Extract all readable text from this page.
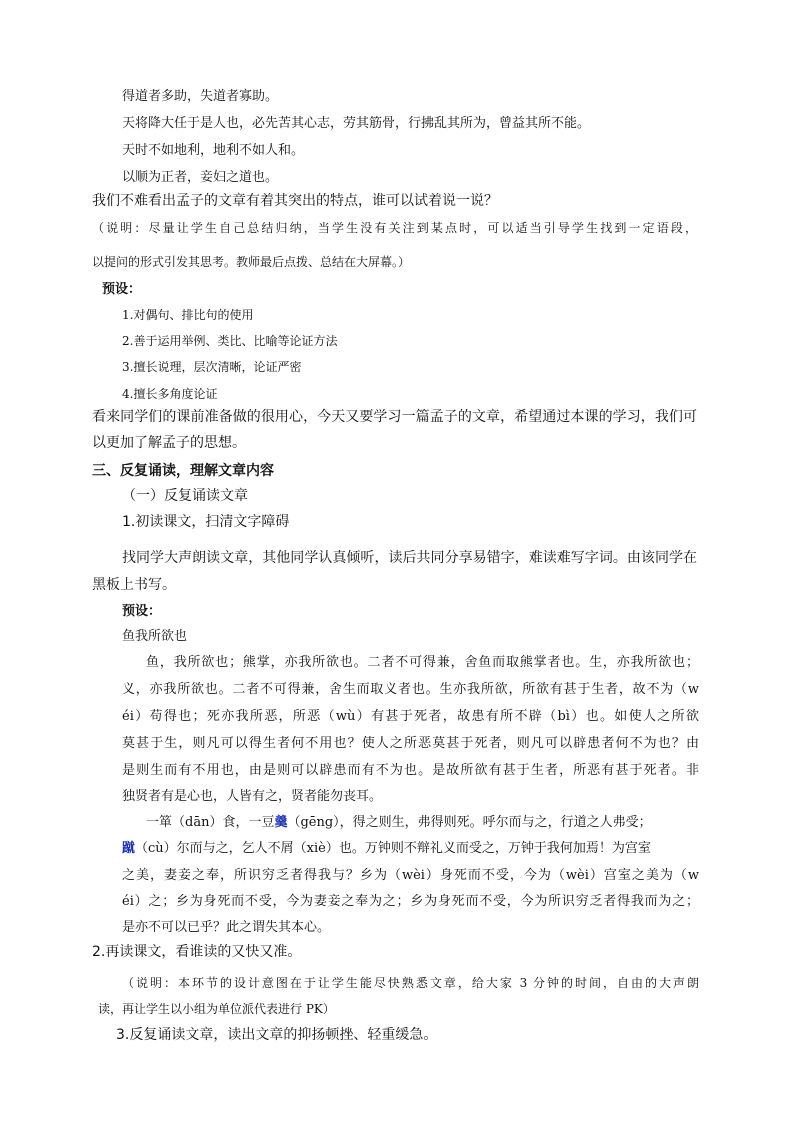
得道者多助，失道者寡助。
天将降大任于是人也，必先苦其心志，劳其筋骨，行拂乱其所为，曾益其所不能。
天时不如地利，地利不如人和。
以顺为正者，妾妇之道也。
我们不难看出孟子的文章有着其突出的特点，谁可以试着说一说？
（说明：尽量让学生自己总结归纳，当学生没有关注到某点时，可以适当引导学生找到一定语段，
以提问的形式引发其思考。教师最后点拨、总结在大屏幕。）
预设：
1.对偶句、排比句的使用
2.善于运用举例、类比、比喻等论证方法
3.擅长说理，层次清晰，论证严密
4.擅长多角度论证
看来同学们的课前准备做的很用心，今天又要学习一篇孟子的文章，希望通过本课的学习，我们可
以更加了解孟子的思想。
三、反复诵读，理解文章内容
（一）反复诵读文章
1.初读课文，扫清文字障碍
找同学大声朗读文章，其他同学认真倾听，读后共同分享易错字，难读难写字词。由该同学在
黑板上书写。
预设：
鱼我所欲也
鱼，我所欲也；熊掌，亦我所欲也。二者不可得兼，舍鱼而取熊掌者也。生，亦我所欲也；
义，亦我所欲也。二者不可得兼，舍生而取义者也。生亦我所欲，所欲有甚于生者，故不为（w
éi）苟得也；死亦我所恶，所恶（wù）有甚于死者，故患有所不辟（bì）也。如使人之所欲
莫甚于生，则凡可以得生者何不用也？使人之所恶莫甚于死者，则凡可以辟患者何不为也？由
是则生而有不用也，由是则可以辟患而有不为也。是故所欲有甚于生者，所恶有甚于死者。非
独贤者有是心也，人皆有之，贤者能勿丧耳。
一箪（dān）食，一豆羹（gēng），得之则生，弗得则死。呼尔而与之，行道之人弗受；
蹴（cù）尔而与之，乞人不屑（xiè）也。万钟则不辩礼义而受之，万钟于我何加焉！为宫室
之美，妻妾之奉，所识穷乏者得我与？乡为（wèi）身死而不受，今为（wèi）宫室之美为（w
éi）之；乡为身死而不受，今为妻妾之奉为之；乡为身死而不受，今为所识穷乏者得我而为之；
是亦不可以已乎？此之谓失其本心。
2.再读课文，看谁读的又快又准。
（说明：本环节的设计意图在于让学生能尽快熟悉文章，给大家 3 分钟的时间，自由的大声朗
读，再让学生以小组为单位派代表进行 PK）
3.反复诵读文章，读出文章的抑扬顿挫、轻重缓急。
